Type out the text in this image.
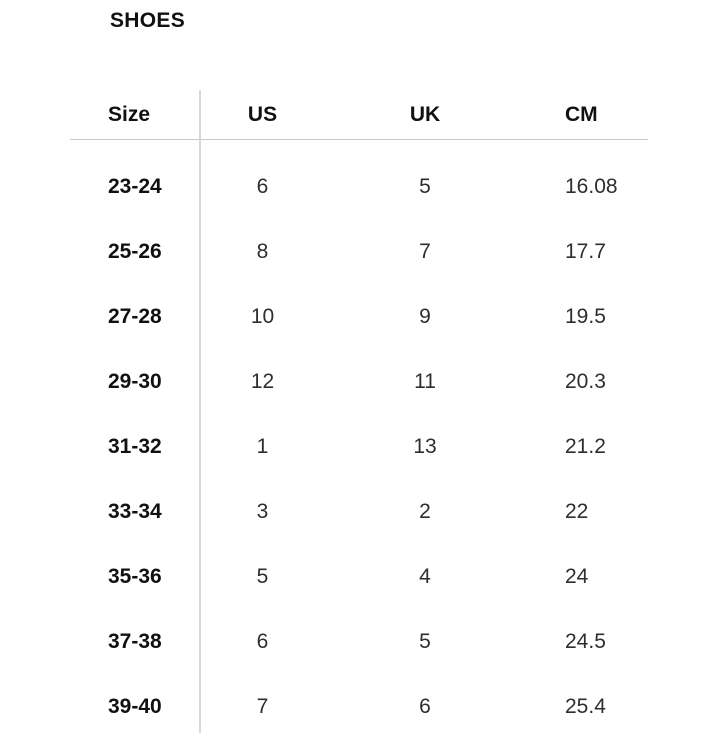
SHOES
Size	US	UK	CM
23-24	6	5	16.08
25-26	8	7	17.7
27-28	10	9	19.5
29-30	12	11	20.3
31-32	1	13	21.2
33-34	3	2	22
35-36	5	4	24
37-38	6	5	24.5
39-40	7	6	25.4
